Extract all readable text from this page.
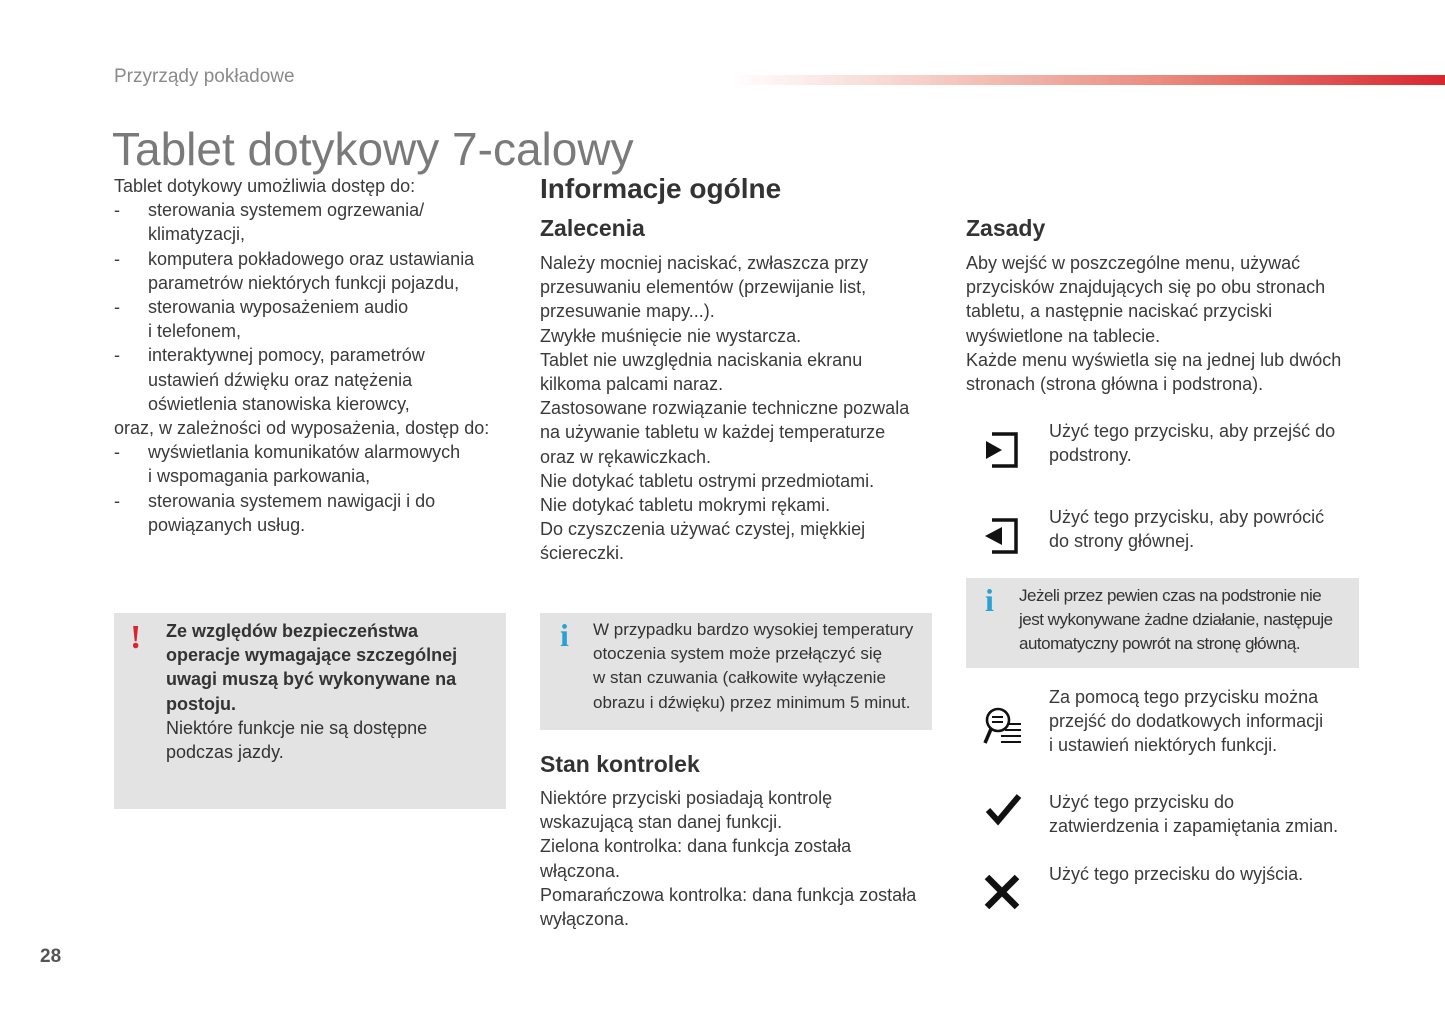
Przyrządy pokładowe
Tablet dotykowy 7-calowy
Tablet dotykowy umożliwia dostęp do:
- sterowania systemem ogrzewania/
klimatyzacji,
- komputera pokładowego oraz ustawiania
parametrów niektórych funkcji pojazdu,
- sterowania wyposażeniem audio
i telefonem,
- interaktywnej pomocy, parametrów
ustawień dźwięku oraz natężenia
oświetlenia stanowiska kierowcy,
oraz, w zależności od wyposażenia, dostęp do:
- wyświetlania komunikatów alarmowych
i wspomagania parkowania,
- sterowania systemem nawigacji i do
powiązanych usług.
! Ze względów bezpieczeństwa
operacje wymagające szczególnej
uwagi muszą być wykonywane na
postoju.
Niektóre funkcje nie są dostępne
podczas jazdy.
Informacje ogólne
Zalecenia
Należy mocniej naciskać, zwłaszcza przy
przesuwaniu elementów (przewijanie list,
przesuwanie mapy...).
Zwykłe muśnięcie nie wystarcza.
Tablet nie uwzględnia naciskania ekranu
kilkoma palcami naraz.
Zastosowane rozwiązanie techniczne pozwala
na używanie tabletu w każdej temperaturze
oraz w rękawiczkach.
Nie dotykać tabletu ostrymi przedmiotami.
Nie dotykać tabletu mokrymi rękami.
Do czyszczenia używać czystej, miękkiej
ściereczki.
i W przypadku bardzo wysokiej temperatury
otoczenia system może przełączyć się
w stan czuwania (całkowite wyłączenie
obrazu i dźwięku) przez minimum 5 minut.
Stan kontrolek
Niektóre przyciski posiadają kontrolę
wskazującą stan danej funkcji.
Zielona kontrolka: dana funkcja została
włączona.
Pomarańczowa kontrolka: dana funkcja została
wyłączona.
Zasady
Aby wejść w poszczególne menu, używać
przycisków znajdujących się po obu stronach
tabletu, a następnie naciskać przyciski
wyświetlone na tablecie.
Każde menu wyświetla się na jednej lub dwóch
stronach (strona główna i podstrona).
Użyć tego przycisku, aby przejść do
podstrony.
Użyć tego przycisku, aby powrócić
do strony głównej.
i Jeżeli przez pewien czas na podstronie nie
jest wykonywane żadne działanie, następuje
automatyczny powrót na stronę główną.
Za pomocą tego przycisku można
przejść do dodatkowych informacji
i ustawień niektórych funkcji.
Użyć tego przycisku do
zatwierdzenia i zapamiętania zmian.
Użyć tego przecisku do wyjścia.
28
